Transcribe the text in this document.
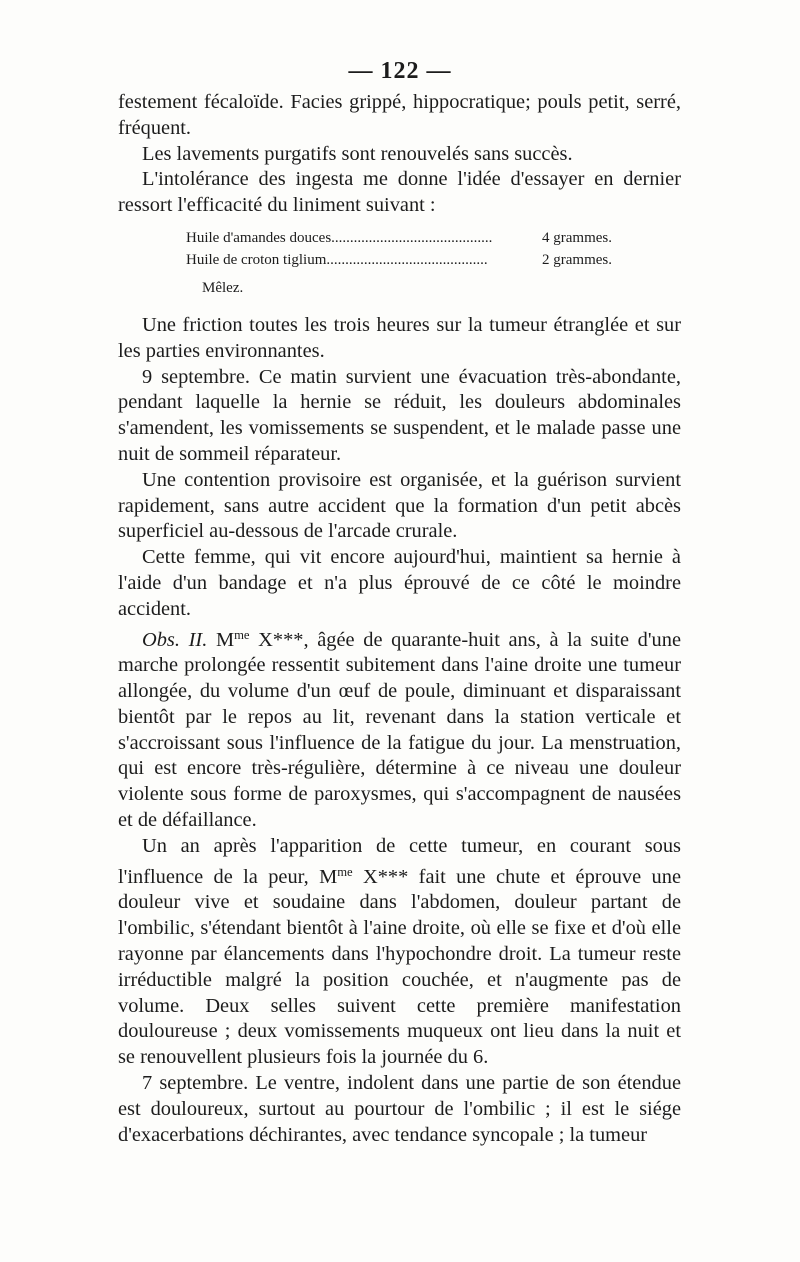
— 122 —

festement fécaloïde. Facies grippé, hippocratique; pouls petit, serré, fréquent.

Les lavements purgatifs sont renouvelés sans succès.

L'intolérance des ingesta me donne l'idée d'essayer en dernier ressort l'efficacité du liniment suivant :

Huile d'amandes douces ...........................................	4 grammes.
Huile de croton tiglium ...........................................	2 grammes.
Mêlez.

Une friction toutes les trois heures sur la tumeur étranglée et sur les parties environnantes.

9 septembre. Ce matin survient une évacuation très-abondante, pendant laquelle la hernie se réduit, les douleurs abdominales s'amendent, les vomissements se suspendent, et le malade passe une nuit de sommeil réparateur.

Une contention provisoire est organisée, et la guérison survient rapidement, sans autre accident que la formation d'un petit abcès superficiel au-dessous de l'arcade crurale.

Cette femme, qui vit encore aujourd'hui, maintient sa hernie à l'aide d'un bandage et n'a plus éprouvé de ce côté le moindre accident.

Obs. II. $M^{me}$ X***, âgée de quarante-huit ans, à la suite d'une marche prolongée ressentit subitement dans l'aine droite une tumeur allongée, du volume d'un œuf de poule, diminuant et disparaissant bientôt par le repos au lit, revenant dans la station verticale et s'accroissant sous l'influence de la fatigue du jour. La menstruation, qui est encore très-régulière, détermine à ce niveau une douleur violente sous forme de paroxysmes, qui s'accompagnent de nausées et de défaillance.

Un an après l'apparition de cette tumeur, en courant sous l'influence de la peur, $M^{me}$ X*** fait une chute et éprouve une douleur vive et soudaine dans l'abdomen, douleur partant de l'ombilic, s'étendant bientôt à l'aine droite, où elle se fixe et d'où elle rayonne par élancements dans l'hypochondre droit. La tumeur reste irréductible malgré la position couchée, et n'augmente pas de volume. Deux selles suivent cette première manifestation douloureuse ; deux vomissements muqueux ont lieu dans la nuit et se renouvellent plusieurs fois la journée du 6.

7 septembre. Le ventre, indolent dans une partie de son étendue est douloureux, surtout au pourtour de l'ombilic ; il est le siége d'exacerbations déchirantes, avec tendance syncopale ; la tumeur
